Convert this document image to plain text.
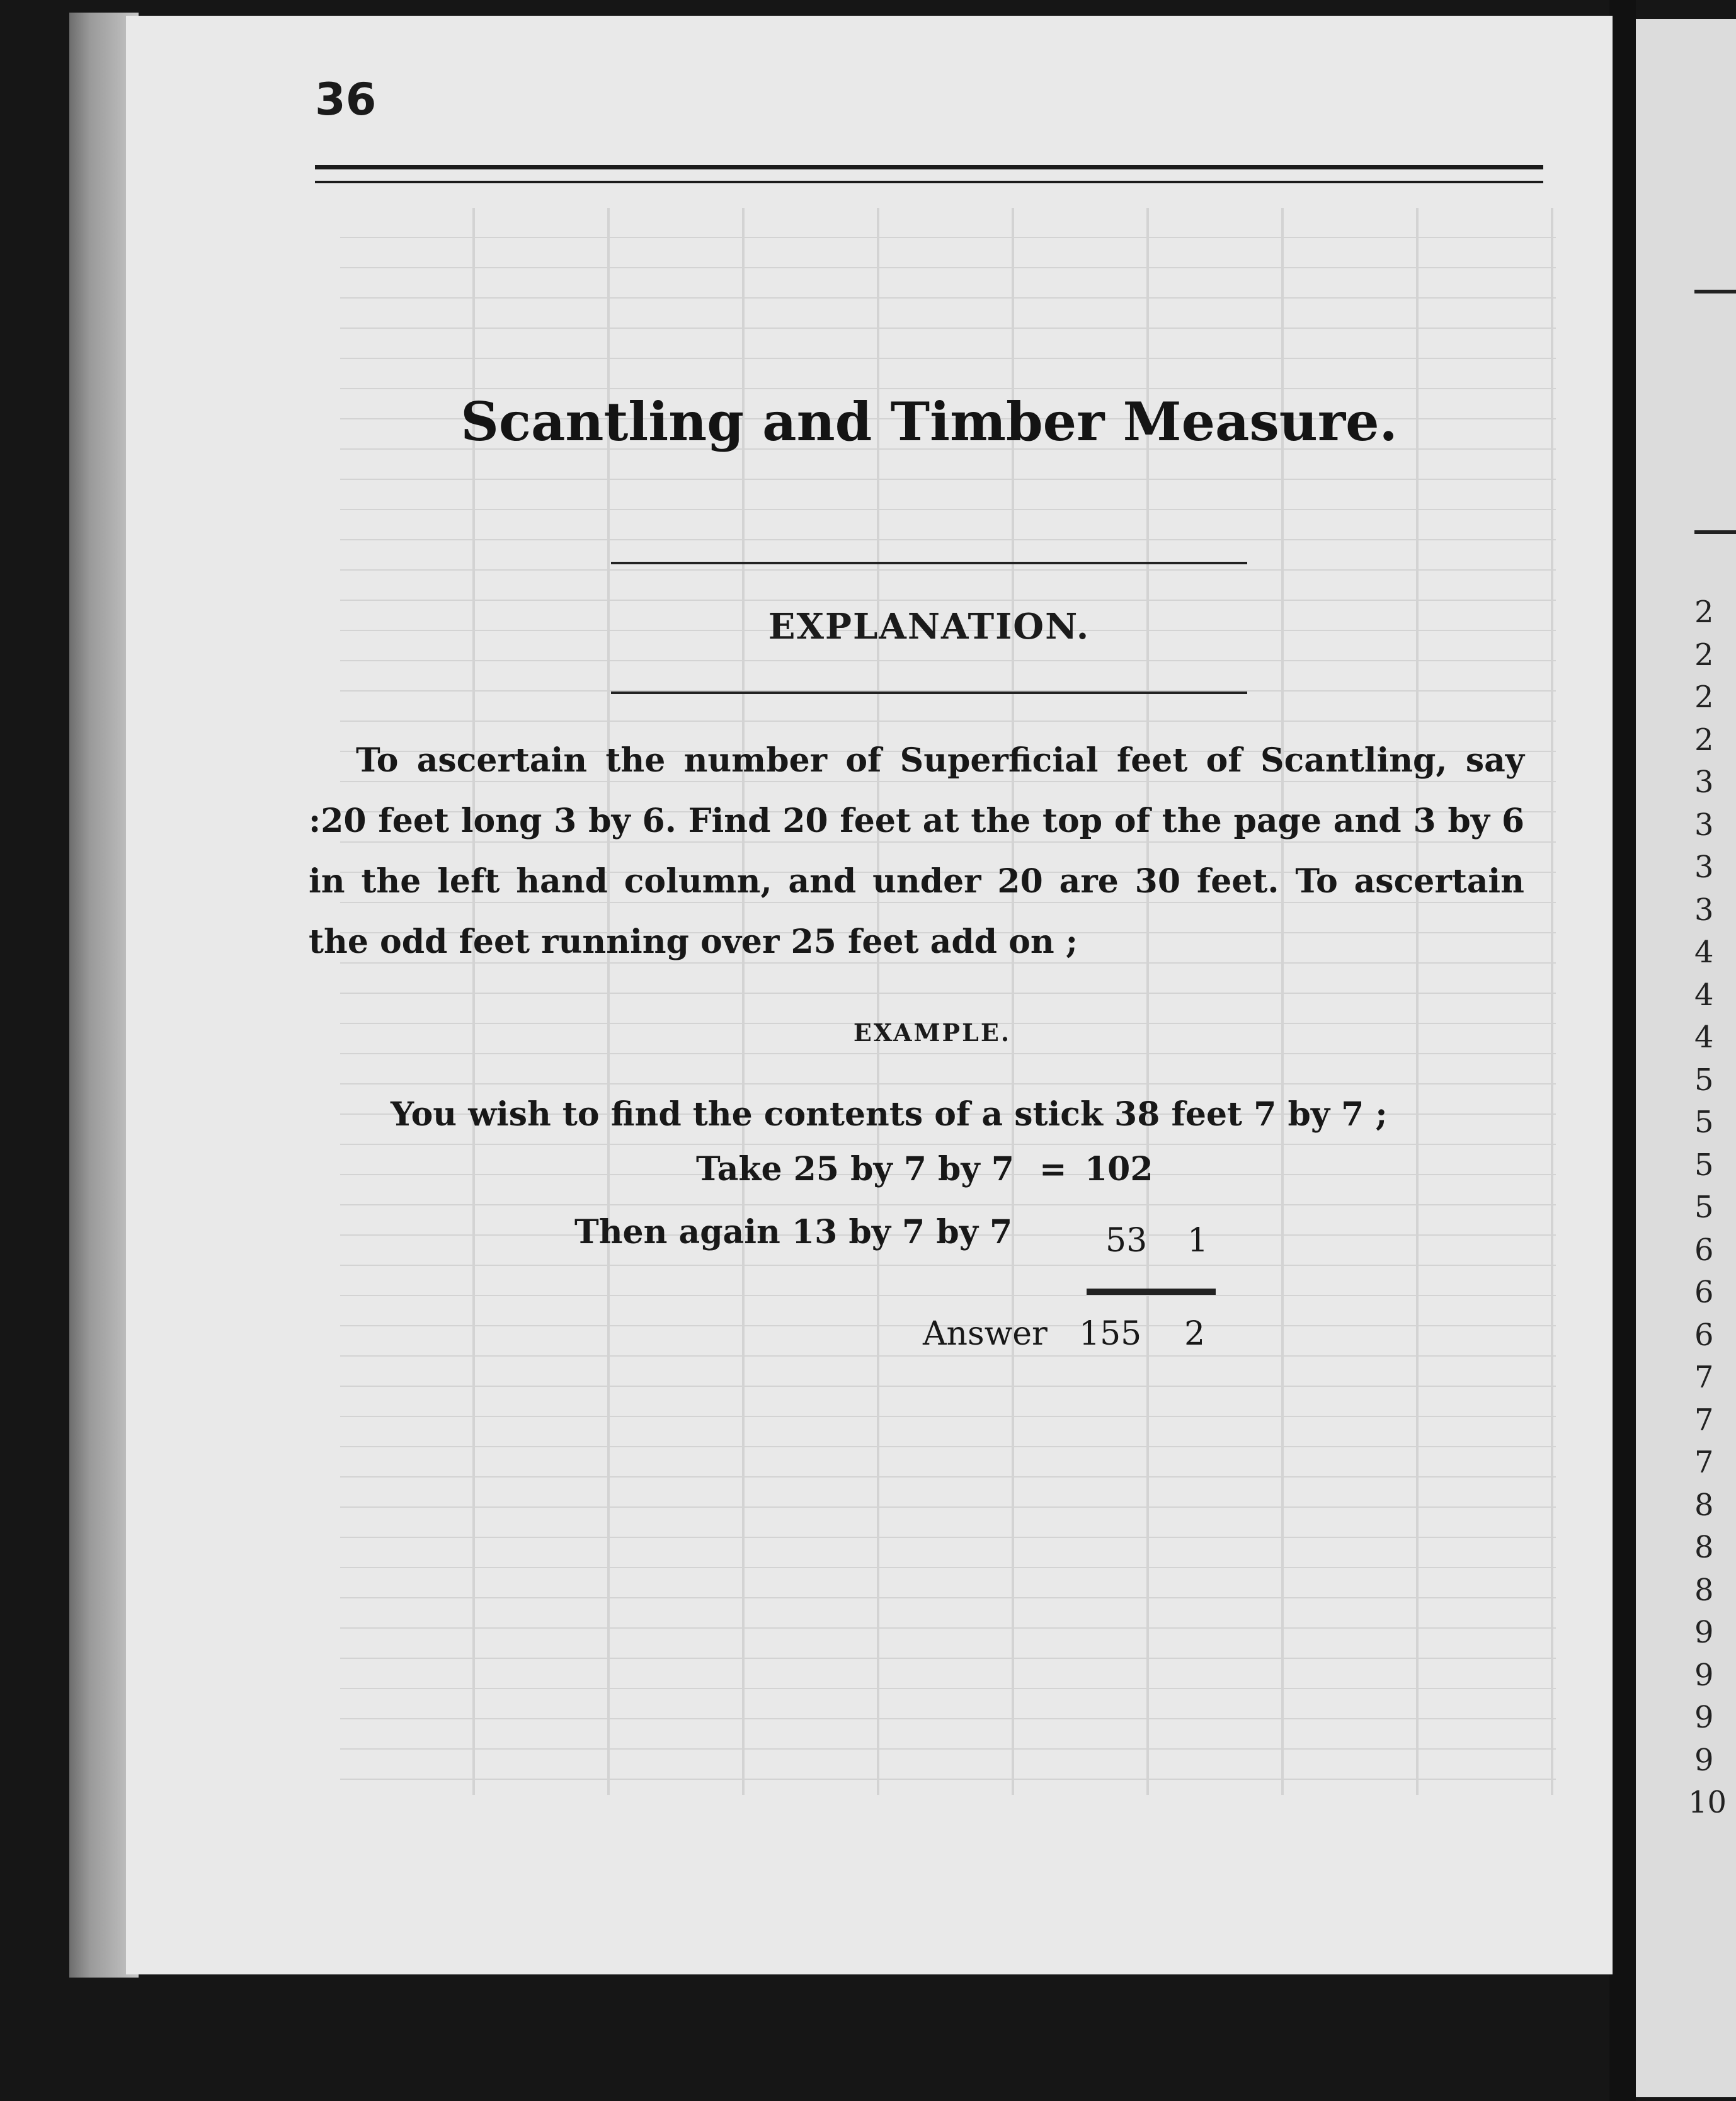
2
2
2
2
3
3
3
3
4
4
4
5
5
5
5
6
6
6
7
7
7
8
8
8
9
9
9
9
10
36
Scantling and Timber Measure.
EXPLANATION.
To ascertain the number of Superficial feet of Scantling, say :20 feet long 3 by 6. Find 20 feet at the top of the page and 3 by 6 in the left hand column, and under 20 are 30 feet. To ascertain the odd feet running over 25 feet add on ;
EXAMPLE.
You wish to find the contents of a stick 38 feet 7 by 7 ;
Take 25 by 7 by 7 = 102
Then again 13 by 7 by 7	53 1
Answer 155 2
